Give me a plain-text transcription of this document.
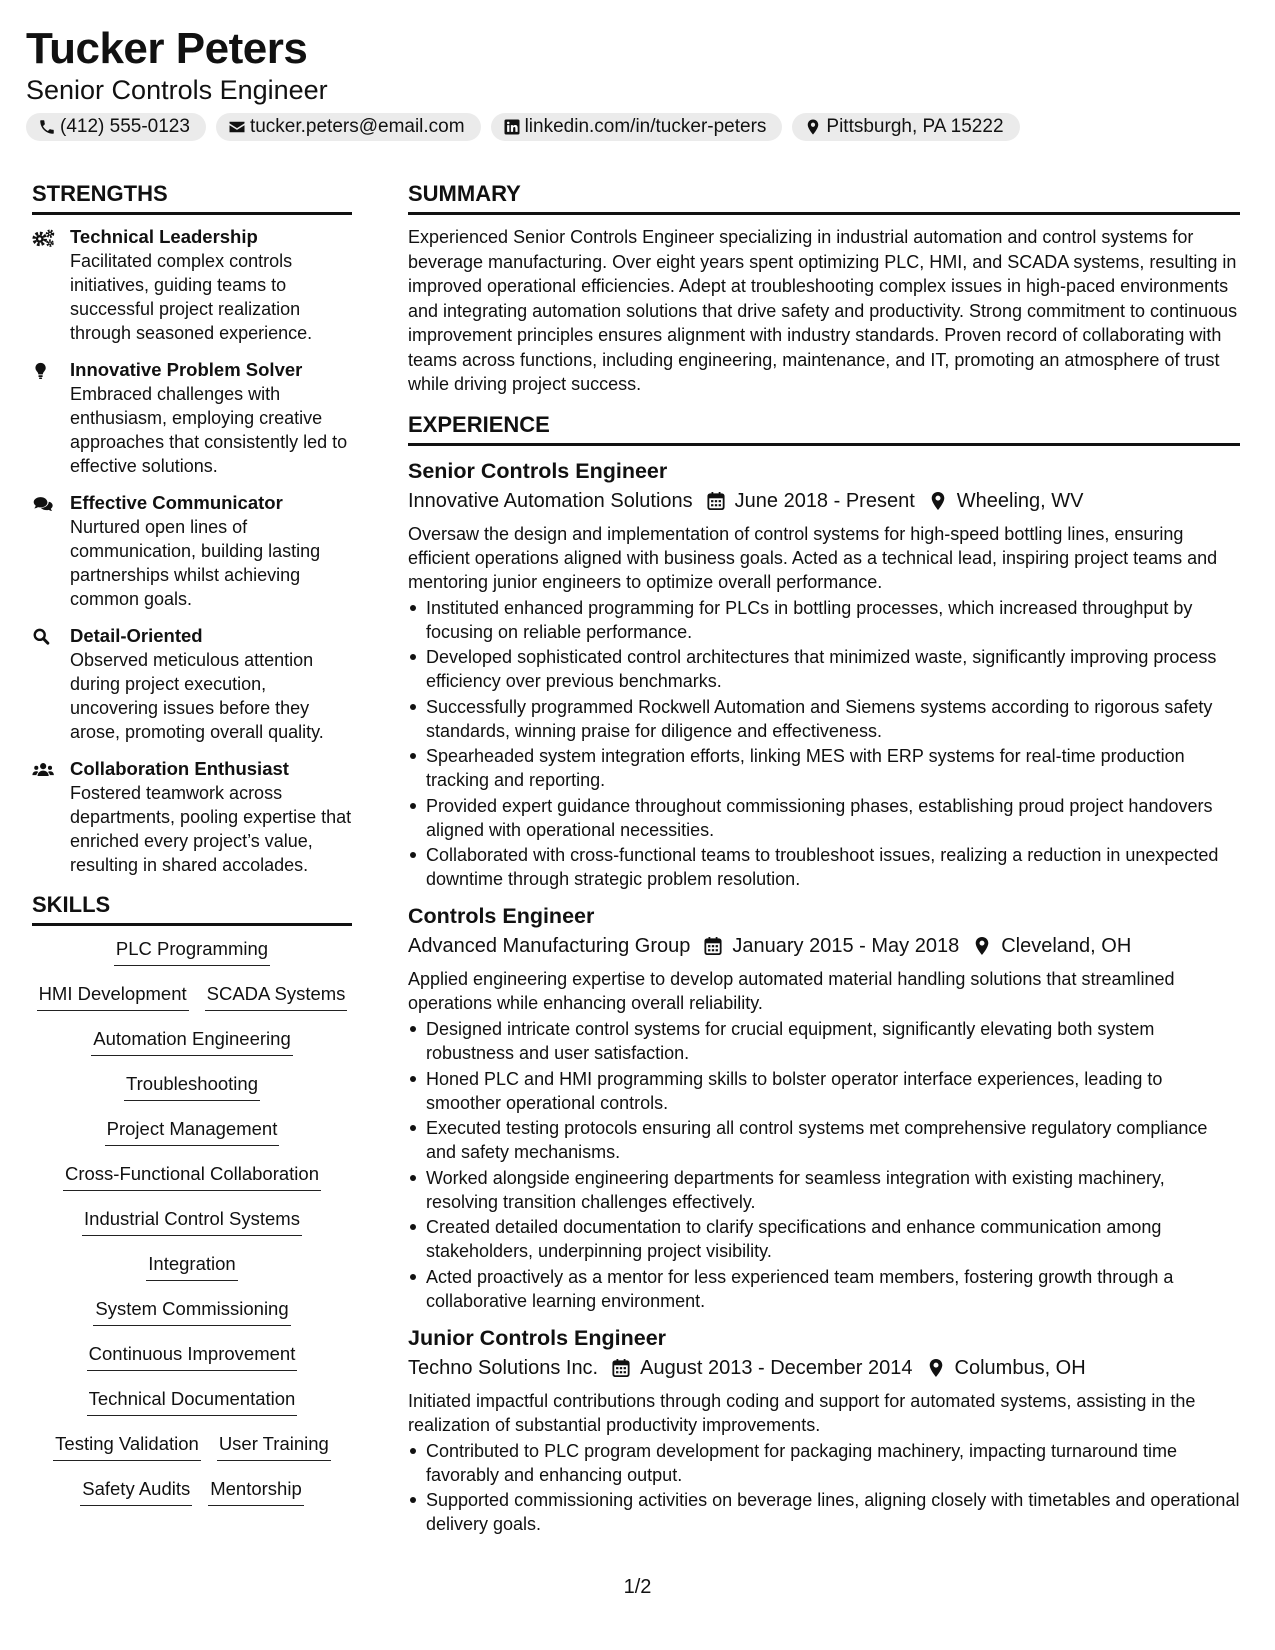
Tucker Peters
Senior Controls Engineer
(412) 555-0123	tucker.peters@email.com	linkedin.com/in/tucker-peters	Pittsburgh, PA 15222
STRENGTHS
Technical Leadership
Facilitated complex controls initiatives, guiding teams to successful project realization through seasoned experience.
Innovative Problem Solver
Embraced challenges with enthusiasm, employing creative approaches that consistently led to effective solutions.
Effective Communicator
Nurtured open lines of communication, building lasting partnerships whilst achieving common goals.
Detail-Oriented
Observed meticulous attention during project execution, uncovering issues before they arose, promoting overall quality.
Collaboration Enthusiast
Fostered teamwork across departments, pooling expertise that enriched every project’s value, resulting in shared accolades.
SKILLS
PLC Programming
HMI Development SCADA Systems
Automation Engineering
Troubleshooting
Project Management
Cross-Functional Collaboration
Industrial Control Systems
Integration
System Commissioning
Continuous Improvement
Technical Documentation
Testing Validation User Training
Safety Audits Mentorship
SUMMARY
Experienced Senior Controls Engineer specializing in industrial automation and control systems for beverage manufacturing. Over eight years spent optimizing PLC, HMI, and SCADA systems, resulting in improved operational efficiencies. Adept at troubleshooting complex issues in high-paced environments and integrating automation solutions that drive safety and productivity. Strong commitment to continuous improvement principles ensures alignment with industry standards. Proven record of collaborating with teams across functions, including engineering, maintenance, and IT, promoting an atmosphere of trust while driving project success.
EXPERIENCE
Senior Controls Engineer
Innovative Automation Solutions June 2018 - Present Wheeling, WV
Oversaw the design and implementation of control systems for high-speed bottling lines, ensuring efficient operations aligned with business goals. Acted as a technical lead, inspiring project teams and mentoring junior engineers to optimize overall performance.
Instituted enhanced programming for PLCs in bottling processes, which increased throughput by focusing on reliable performance.
Developed sophisticated control architectures that minimized waste, significantly improving process efficiency over previous benchmarks.
Successfully programmed Rockwell Automation and Siemens systems according to rigorous safety standards, winning praise for diligence and effectiveness.
Spearheaded system integration efforts, linking MES with ERP systems for real-time production tracking and reporting.
Provided expert guidance throughout commissioning phases, establishing proud project handovers aligned with operational necessities.
Collaborated with cross-functional teams to troubleshoot issues, realizing a reduction in unexpected downtime through strategic problem resolution.
Controls Engineer
Advanced Manufacturing Group January 2015 - May 2018 Cleveland, OH
Applied engineering expertise to develop automated material handling solutions that streamlined operations while enhancing overall reliability.
Designed intricate control systems for crucial equipment, significantly elevating both system robustness and user satisfaction.
Honed PLC and HMI programming skills to bolster operator interface experiences, leading to smoother operational controls.
Executed testing protocols ensuring all control systems met comprehensive regulatory compliance and safety mechanisms.
Worked alongside engineering departments for seamless integration with existing machinery, resolving transition challenges effectively.
Created detailed documentation to clarify specifications and enhance communication among stakeholders, underpinning project visibility.
Acted proactively as a mentor for less experienced team members, fostering growth through a collaborative learning environment.
Junior Controls Engineer
Techno Solutions Inc. August 2013 - December 2014 Columbus, OH
Initiated impactful contributions through coding and support for automated systems, assisting in the realization of substantial productivity improvements.
Contributed to PLC program development for packaging machinery, impacting turnaround time favorably and enhancing output.
Supported commissioning activities on beverage lines, aligning closely with timetables and operational delivery goals.
1/2
